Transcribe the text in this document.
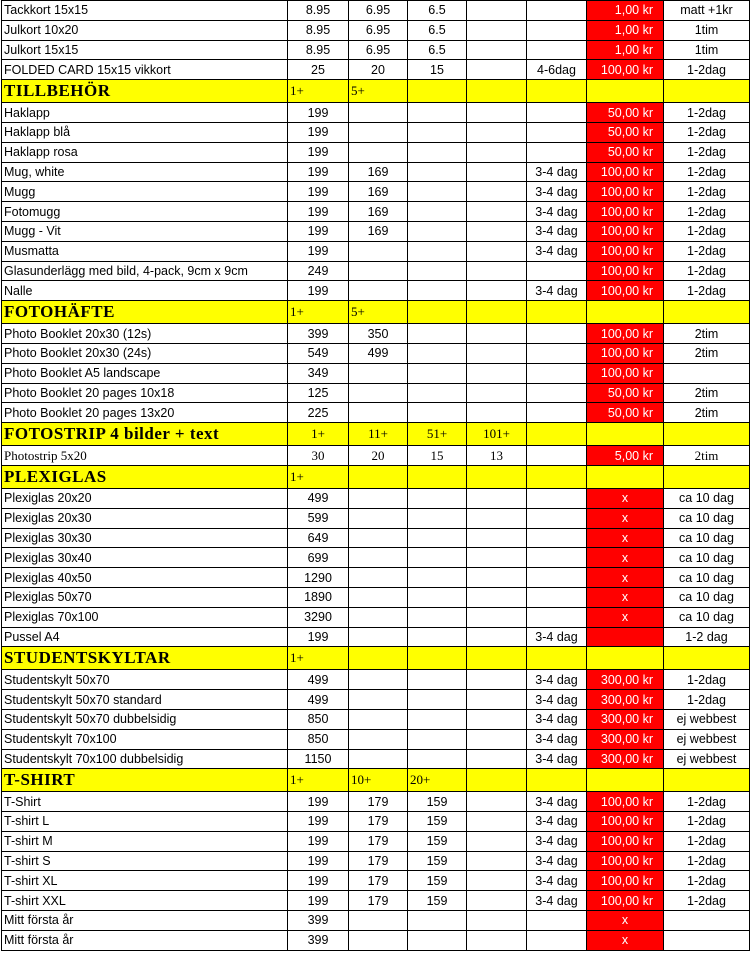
Tackkort 15x15	8.95	6.95	6.5			1,00 kr	matt +1kr
Julkort 10x20	8.95	6.95	6.5			1,00 kr	1tim
Julkort 15x15	8.95	6.95	6.5			1,00 kr	1tim
FOLDED CARD 15x15 vikkort	25	20	15		4-6dag	100,00 kr	1-2dag
TILLBEHÖR	1+	5+					
Haklapp	199					50,00 kr	1-2dag
Haklapp blå	199					50,00 kr	1-2dag
Haklapp rosa	199					50,00 kr	1-2dag
Mug, white	199	169			3-4 dag	100,00 kr	1-2dag
Mugg	199	169			3-4 dag	100,00 kr	1-2dag
Fotomugg	199	169			3-4 dag	100,00 kr	1-2dag
Mugg - Vit	199	169			3-4 dag	100,00 kr	1-2dag
Musmatta	199				3-4 dag	100,00 kr	1-2dag
Glasunderlägg med bild, 4-pack, 9cm x 9cm	249					100,00 kr	1-2dag
Nalle	199				3-4 dag	100,00 kr	1-2dag
FOTOHÄFTE	1+	5+					
Photo Booklet 20x30 (12s)	399	350				100,00 kr	2tim
Photo Booklet 20x30 (24s)	549	499				100,00 kr	2tim
Photo Booklet A5 landscape	349					100,00 kr	
Photo Booklet 20 pages 10x18	125					50,00 kr	2tim
Photo Booklet 20 pages 13x20	225					50,00 kr	2tim
FOTOSTRIP 4 bilder + text	1+	11+	51+	101+			
Photostrip 5x20	30	20	15	13		5,00 kr	2tim
PLEXIGLAS	1+						
Plexiglas 20x20	499					x	ca 10 dag
Plexiglas 20x30	599					x	ca 10 dag
Plexiglas 30x30	649					x	ca 10 dag
Plexiglas 30x40	699					x	ca 10 dag
Plexiglas 40x50	1290					x	ca 10 dag
Plexiglas 50x70	1890					x	ca 10 dag
Plexiglas 70x100	3290					x	ca 10 dag
Pussel A4	199				3-4 dag		1-2 dag
STUDENTSKYLTAR	1+						
Studentskylt 50x70	499				3-4 dag	300,00 kr	1-2dag
Studentskylt 50x70 standard	499				3-4 dag	300,00 kr	1-2dag
Studentskylt 50x70 dubbelsidig	850				3-4 dag	300,00 kr	ej webbest
Studentskylt 70x100	850				3-4 dag	300,00 kr	ej webbest
Studentskylt 70x100 dubbelsidig	1150				3-4 dag	300,00 kr	ej webbest
T-SHIRT	1+	10+	20+				
T-Shirt	199	179	159		3-4 dag	100,00 kr	1-2dag
T-shirt L	199	179	159		3-4 dag	100,00 kr	1-2dag
T-shirt M	199	179	159		3-4 dag	100,00 kr	1-2dag
T-shirt S	199	179	159		3-4 dag	100,00 kr	1-2dag
T-shirt XL	199	179	159		3-4 dag	100,00 kr	1-2dag
T-shirt XXL	199	179	159		3-4 dag	100,00 kr	1-2dag
Mitt första år	399					x	
Mitt första år	399					x	
